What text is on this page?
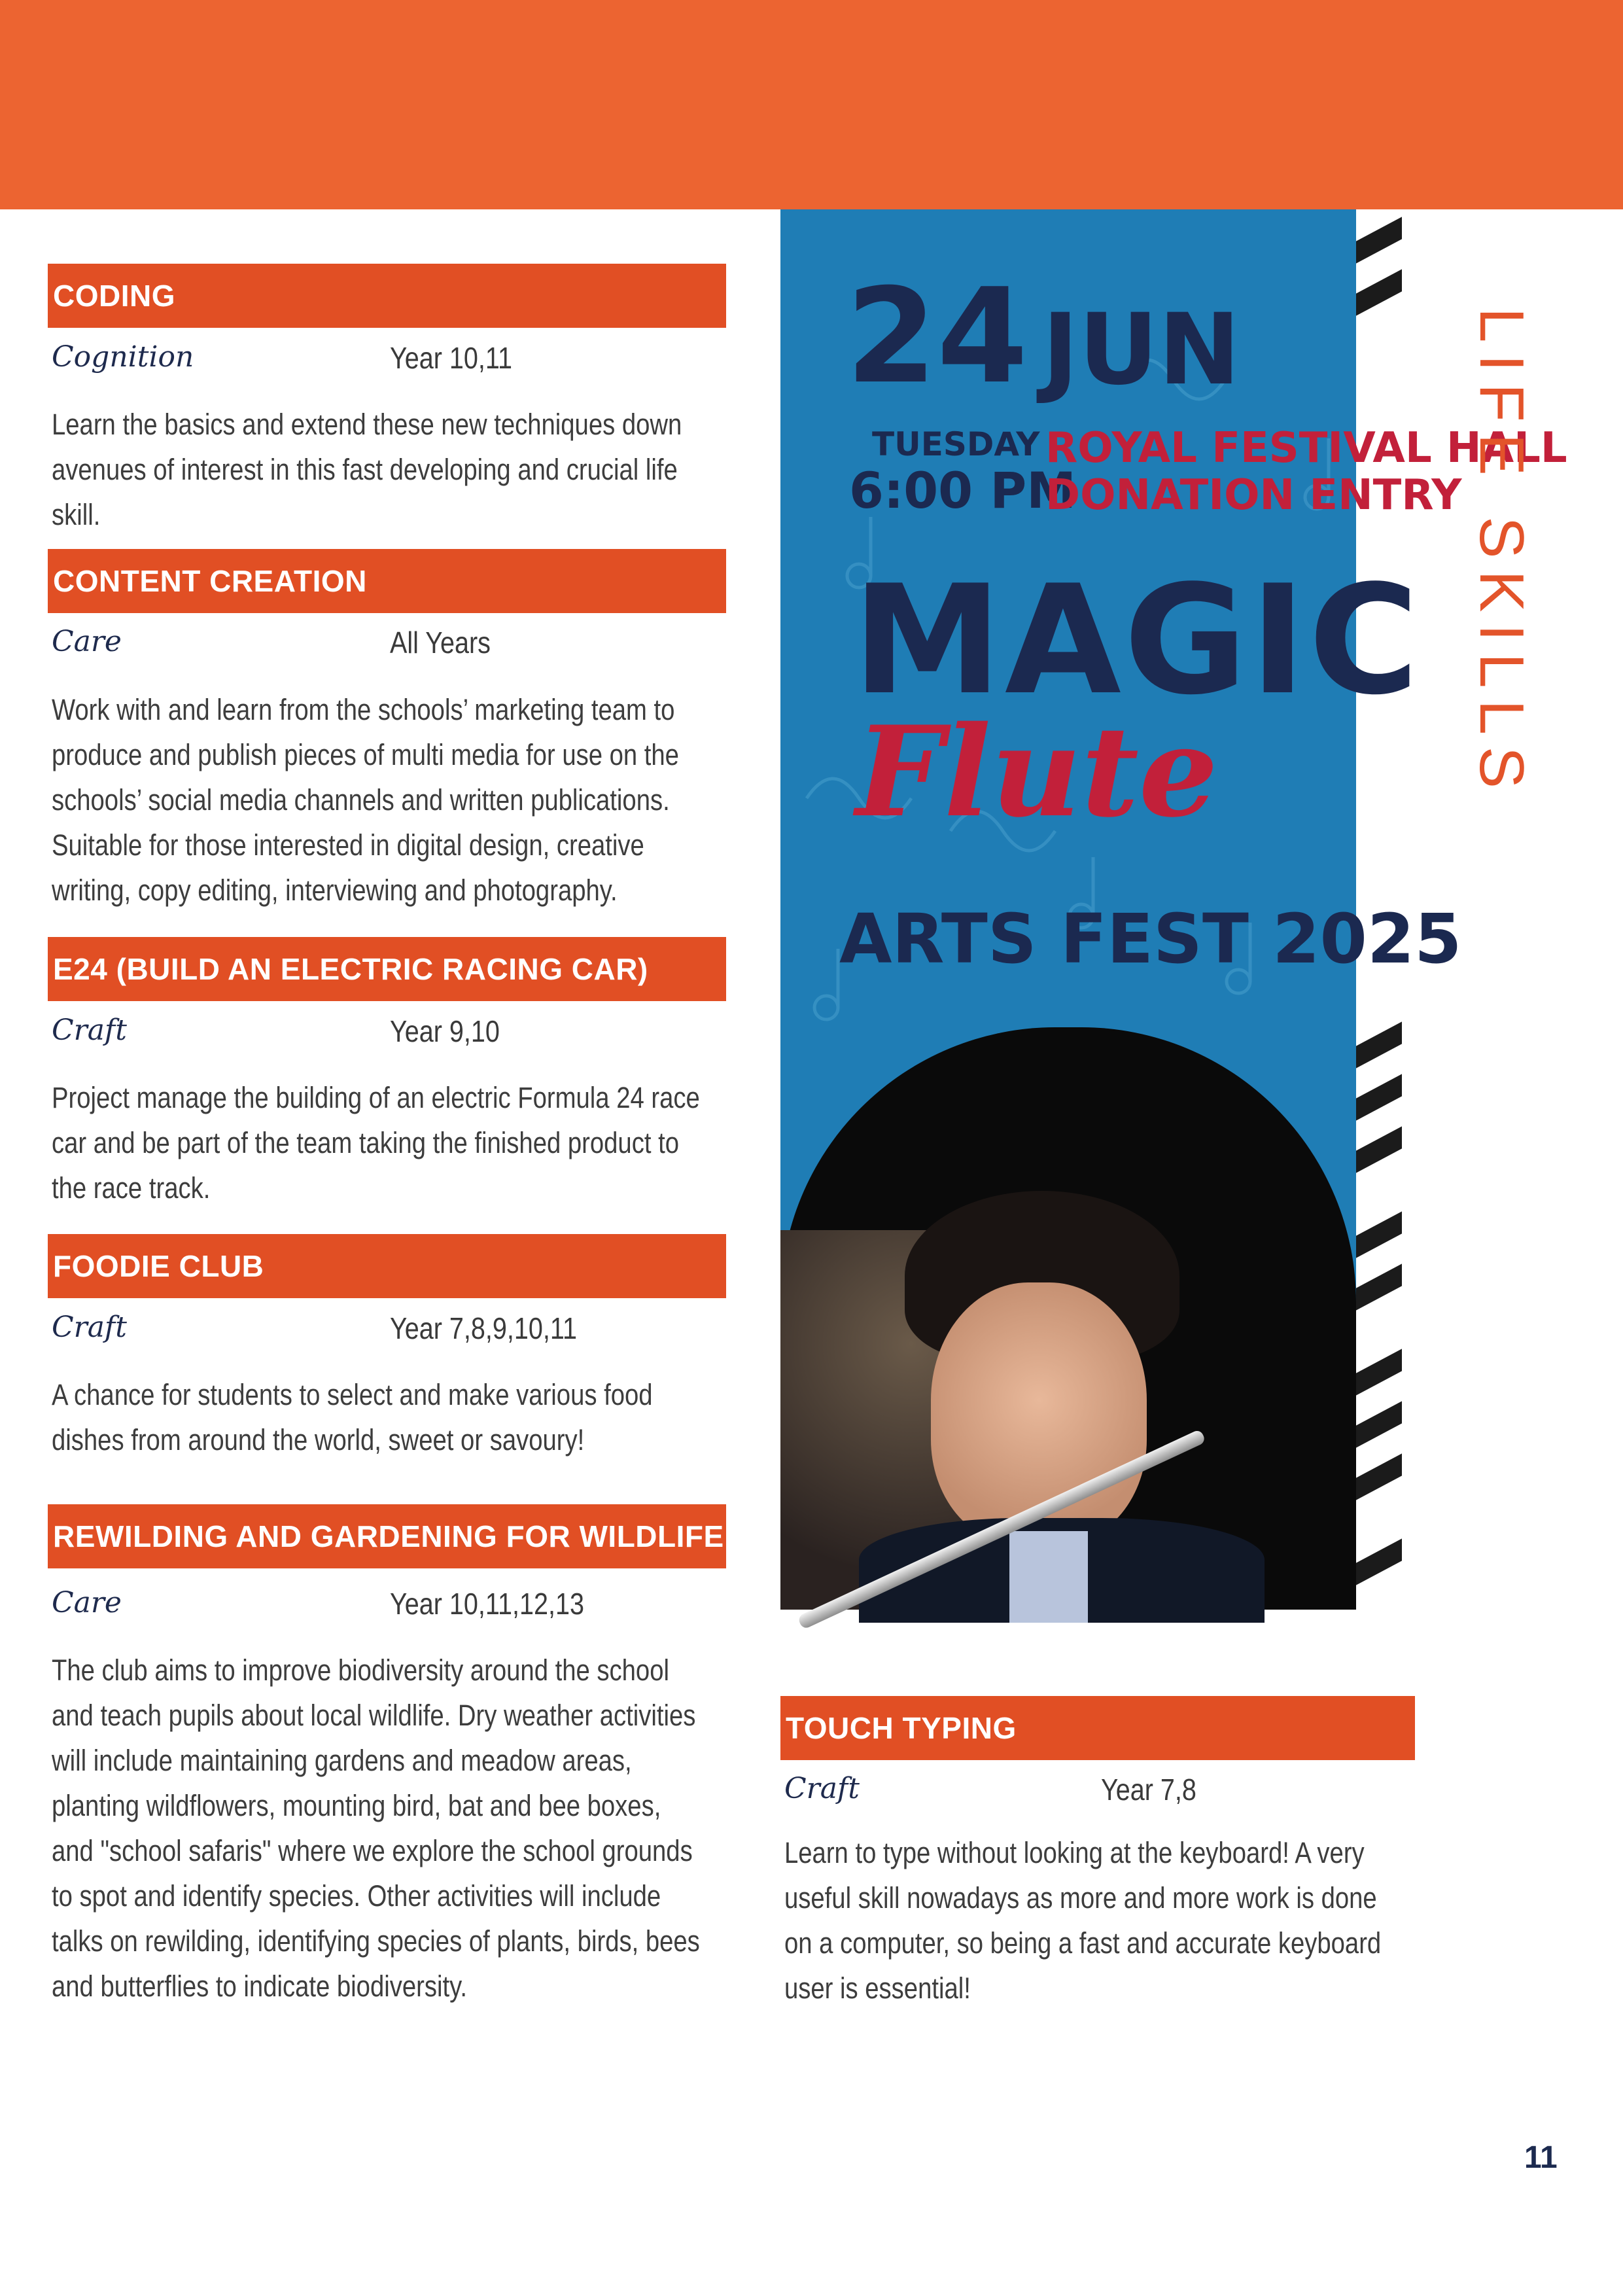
CODING
Cognition	Year 10,11
Learn the basics and extend these new techniques down
avenues of interest in this fast developing and crucial life
skill.
CONTENT CREATION
Care	All Years
Work with and learn from the schools’ marketing team to
produce and publish pieces of multi media for use on the
schools’ social media channels and written publications.
Suitable for those interested in digital design, creative
writing, copy editing, interviewing and photography.
E24 (BUILD AN ELECTRIC RACING CAR)
Craft	Year 9,10
Project manage the building of an electric Formula 24 race
car and be part of the team taking the finished product to
the race track.
FOODIE CLUB
Craft	Year 7,8,9,10,11
A chance for students to select and make various food
dishes from around the world, sweet or savoury!
REWILDING AND GARDENING FOR WILDLIFE
Care	Year 10,11,12,13
The club aims to improve biodiversity around the school
and teach pupils about local wildlife. Dry weather activities
will include maintaining gardens and meadow areas,
planting wildflowers, mounting bird, bat and bee boxes,
and "school safaris" where we explore the school grounds
to spot and identify species. Other activities will include
talks on rewilding, identifying species of plants, birds, bees
and butterflies to indicate biodiversity.
24 JUN
TUESDAY
6:00 PM
ROYAL FESTIVAL HALL
DONATION ENTRY
MAGIC
Flute
ARTS FEST 2025
TOUCH TYPING
Craft	Year 7,8
Learn to type without looking at the keyboard! A very
useful skill nowadays as more and more work is done
on a computer, so being a fast and accurate keyboard
user is essential!
LIFE SKILLS
11
